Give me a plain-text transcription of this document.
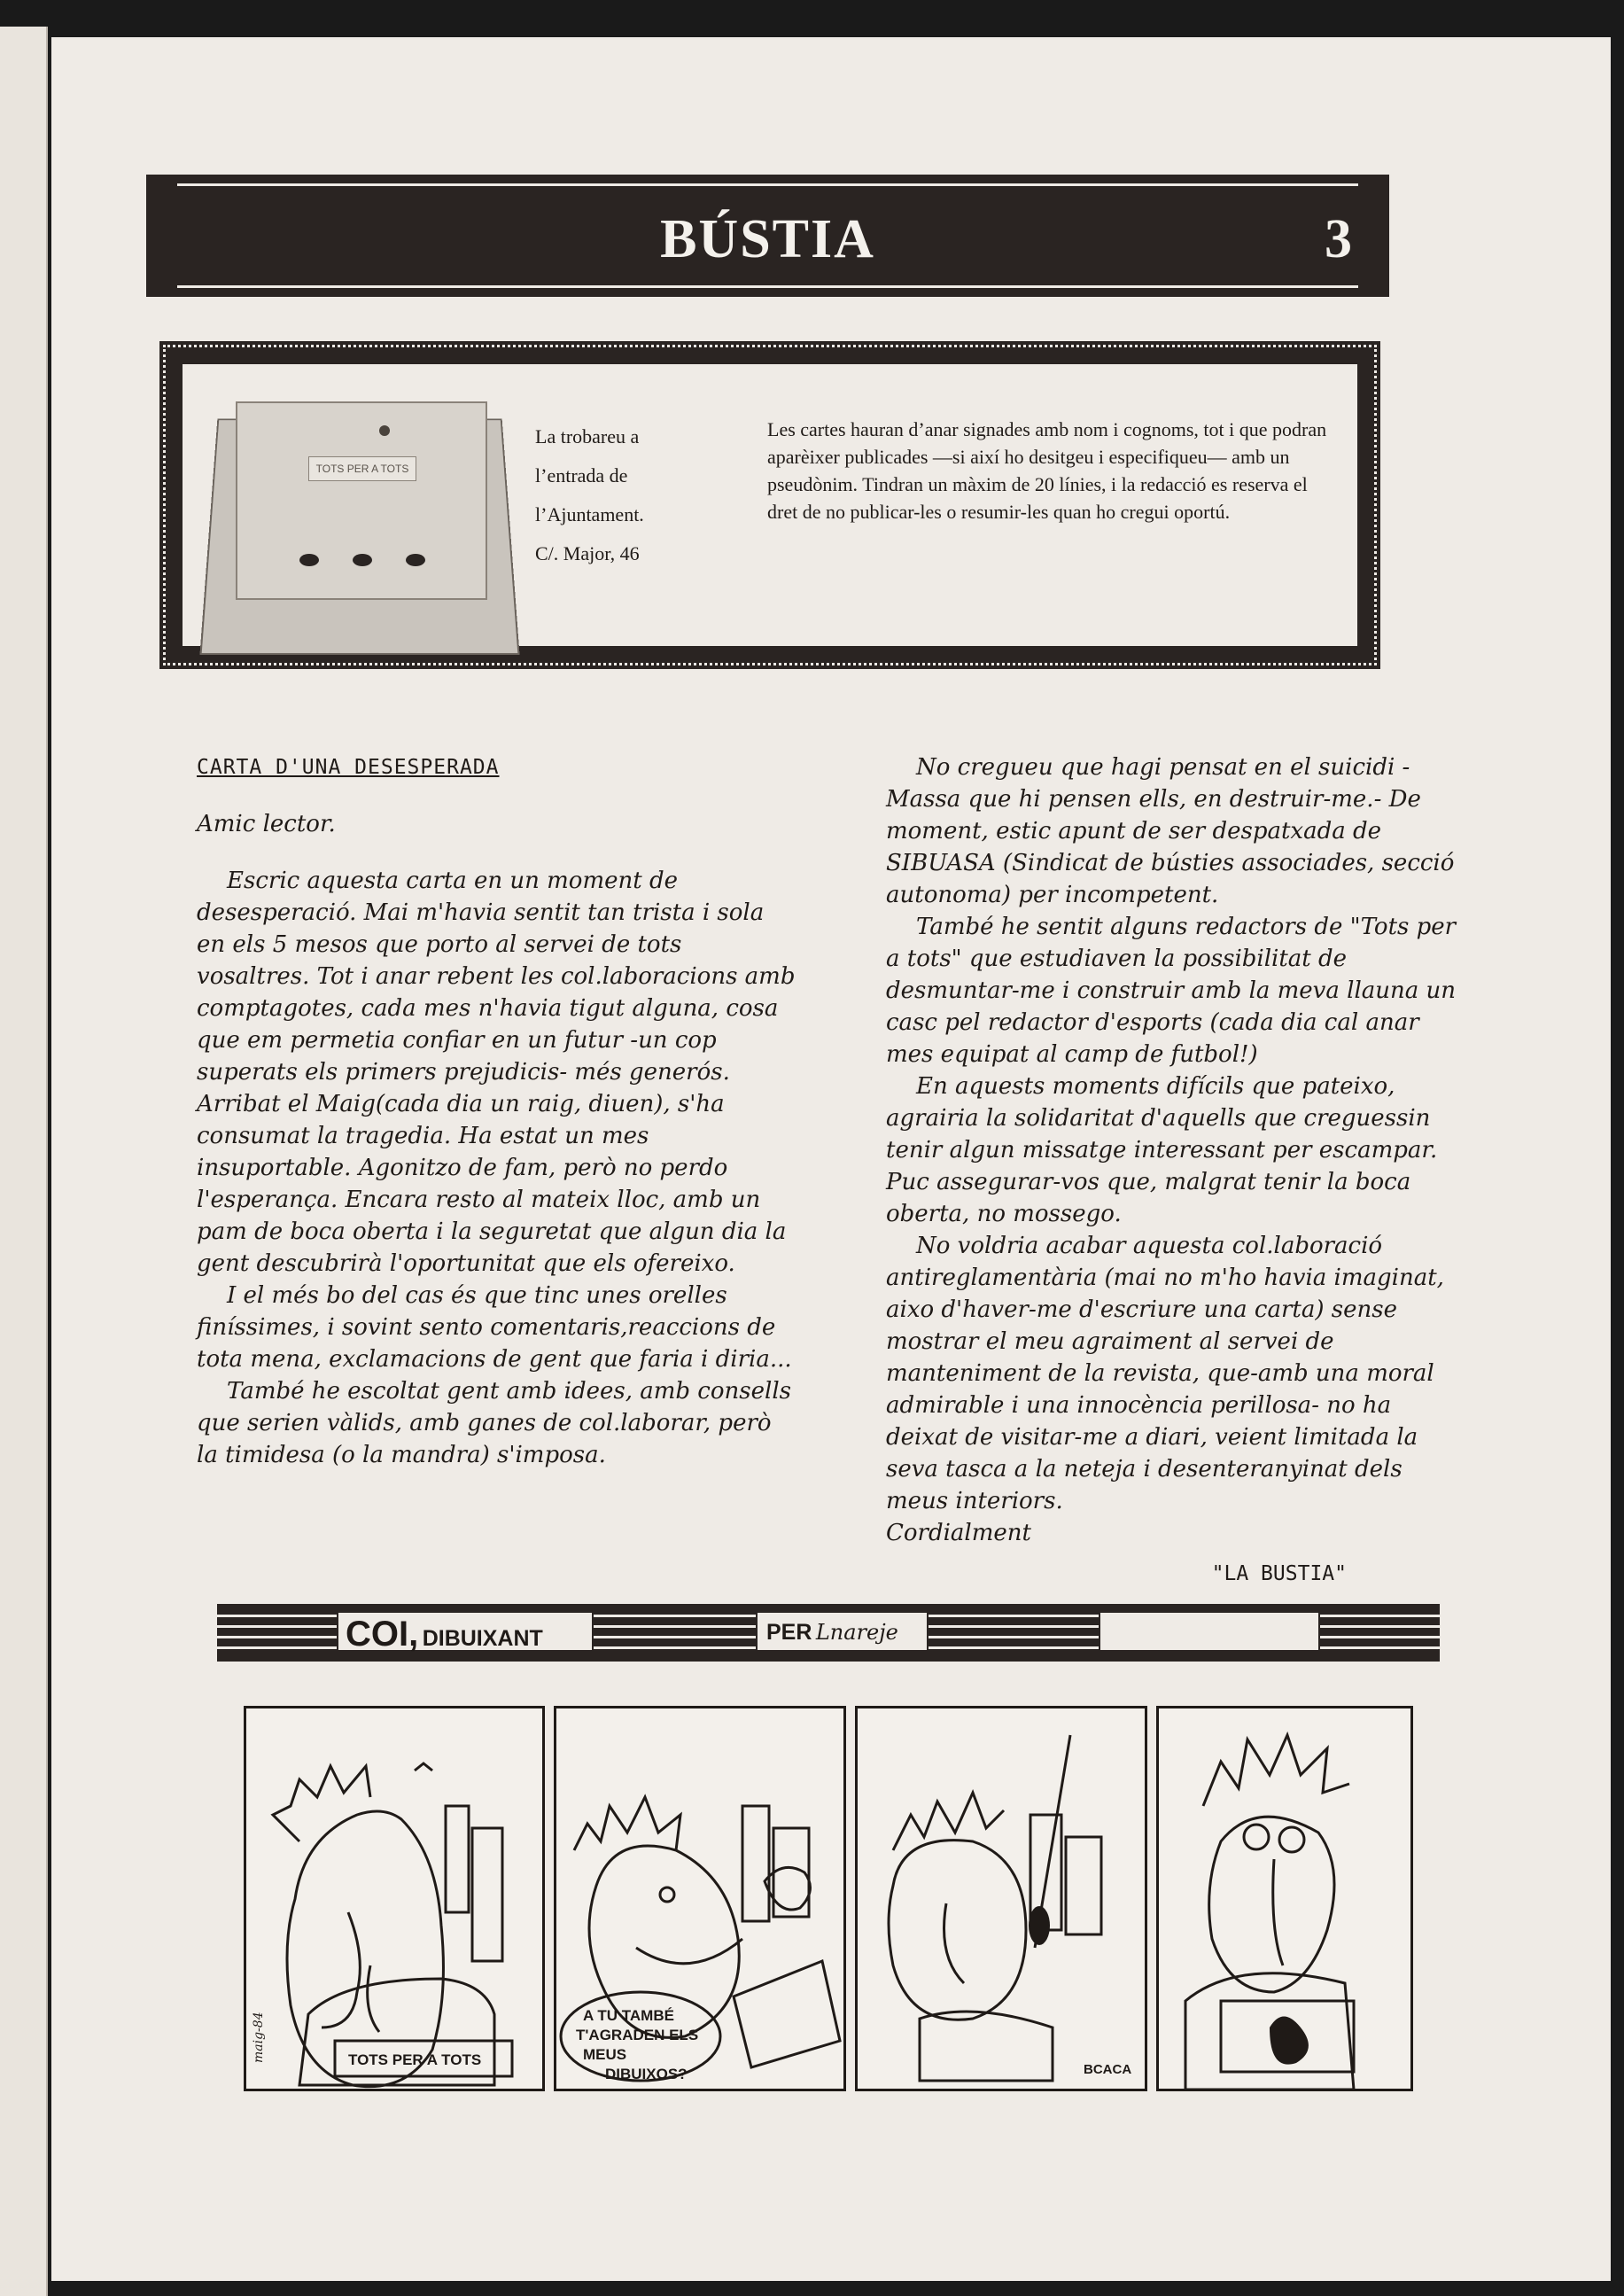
BÚSTIA	3
TOTS PER A TOTS
La trobareu a
l’entrada de
l’Ajuntament.
C/. Major, 46
Les cartes hauran d’anar signades amb nom i cognoms, tot i que podran aparèixer publicades —si així ho desitgeu i especifiqueu— amb un pseudònim. Tindran un màxim de 20 línies, i la redacció es reserva el dret de no publicar-les o resumir-les quan ho cregui oportú.

CARTA D'UNA DESESPERADA

Amic lector.

Escric aquesta carta en un moment de desesperació. Mai m'havia sentit tan trista i sola en els 5 mesos que porto al servei de tots vosaltres. Tot i anar rebent les col.laboracions amb comptagotes, cada mes n'havia tigut alguna, cosa que em permetia confiar en un futur -un cop superats els primers prejudicis- més generós. Arribat el Maig(cada dia un raig, diuen), s'ha consumat la tragedia. Ha estat un mes insuportable. Agonitzo de fam, però no perdo l'esperança. Encara resto al mateix lloc, amb un pam de boca oberta i la seguretat que algun dia la gent descubrirà l'oportunitat que els ofereixo.

I el més bo del cas és que tinc unes orelles finíssimes, i sovint sento comentaris,reaccions de tota mena, exclamacions de gent que faria i diria...

També he escoltat gent amb idees, amb consells que serien vàlids, amb ganes de col.laborar, però la timidesa (o la mandra) s'imposa.

No cregueu que hagi pensat en el suicidi -Massa que hi pensen ells, en destruir-me.- De moment, estic apunt de ser despatxada de SIBUASA (Sindicat de bústies associades, secció autonoma) per incompetent.

També he sentit alguns redactors de "Tots per a tots" que estudiaven la possibilitat de desmuntar-me i construir amb la meva llauna un casc pel redactor d'esports (cada dia cal anar mes equipat al camp de futbol!)

En aquests moments difícils que pateixo, agrairia la solidaritat d'aquells que creguessin tenir algun missatge interessant per escampar. Puc assegurar-vos que, malgrat tenir la boca oberta, no mossego.

No voldria acabar aquesta col.laboració antireglamentària (mai no m'ho havia imaginat, aixo d'haver-me d'escriure una carta) sense mostrar el meu agraiment al servei de manteniment de la revista, que-amb una moral admirable i una innocència perillosa- no ha deixat de visitar-me a diari, veient limitada la seva tasca a la neteja i desenteranyinat dels meus interiors.

Cordialment

"LA BUSTIA"

COI, DIBUIXANT	PER Lnareje
TOTS PER A TOTS
maig-84	A TU TAMBÉ
T'AGRADEN ELS
MEUS
DIBUIXOS?	BCACA
